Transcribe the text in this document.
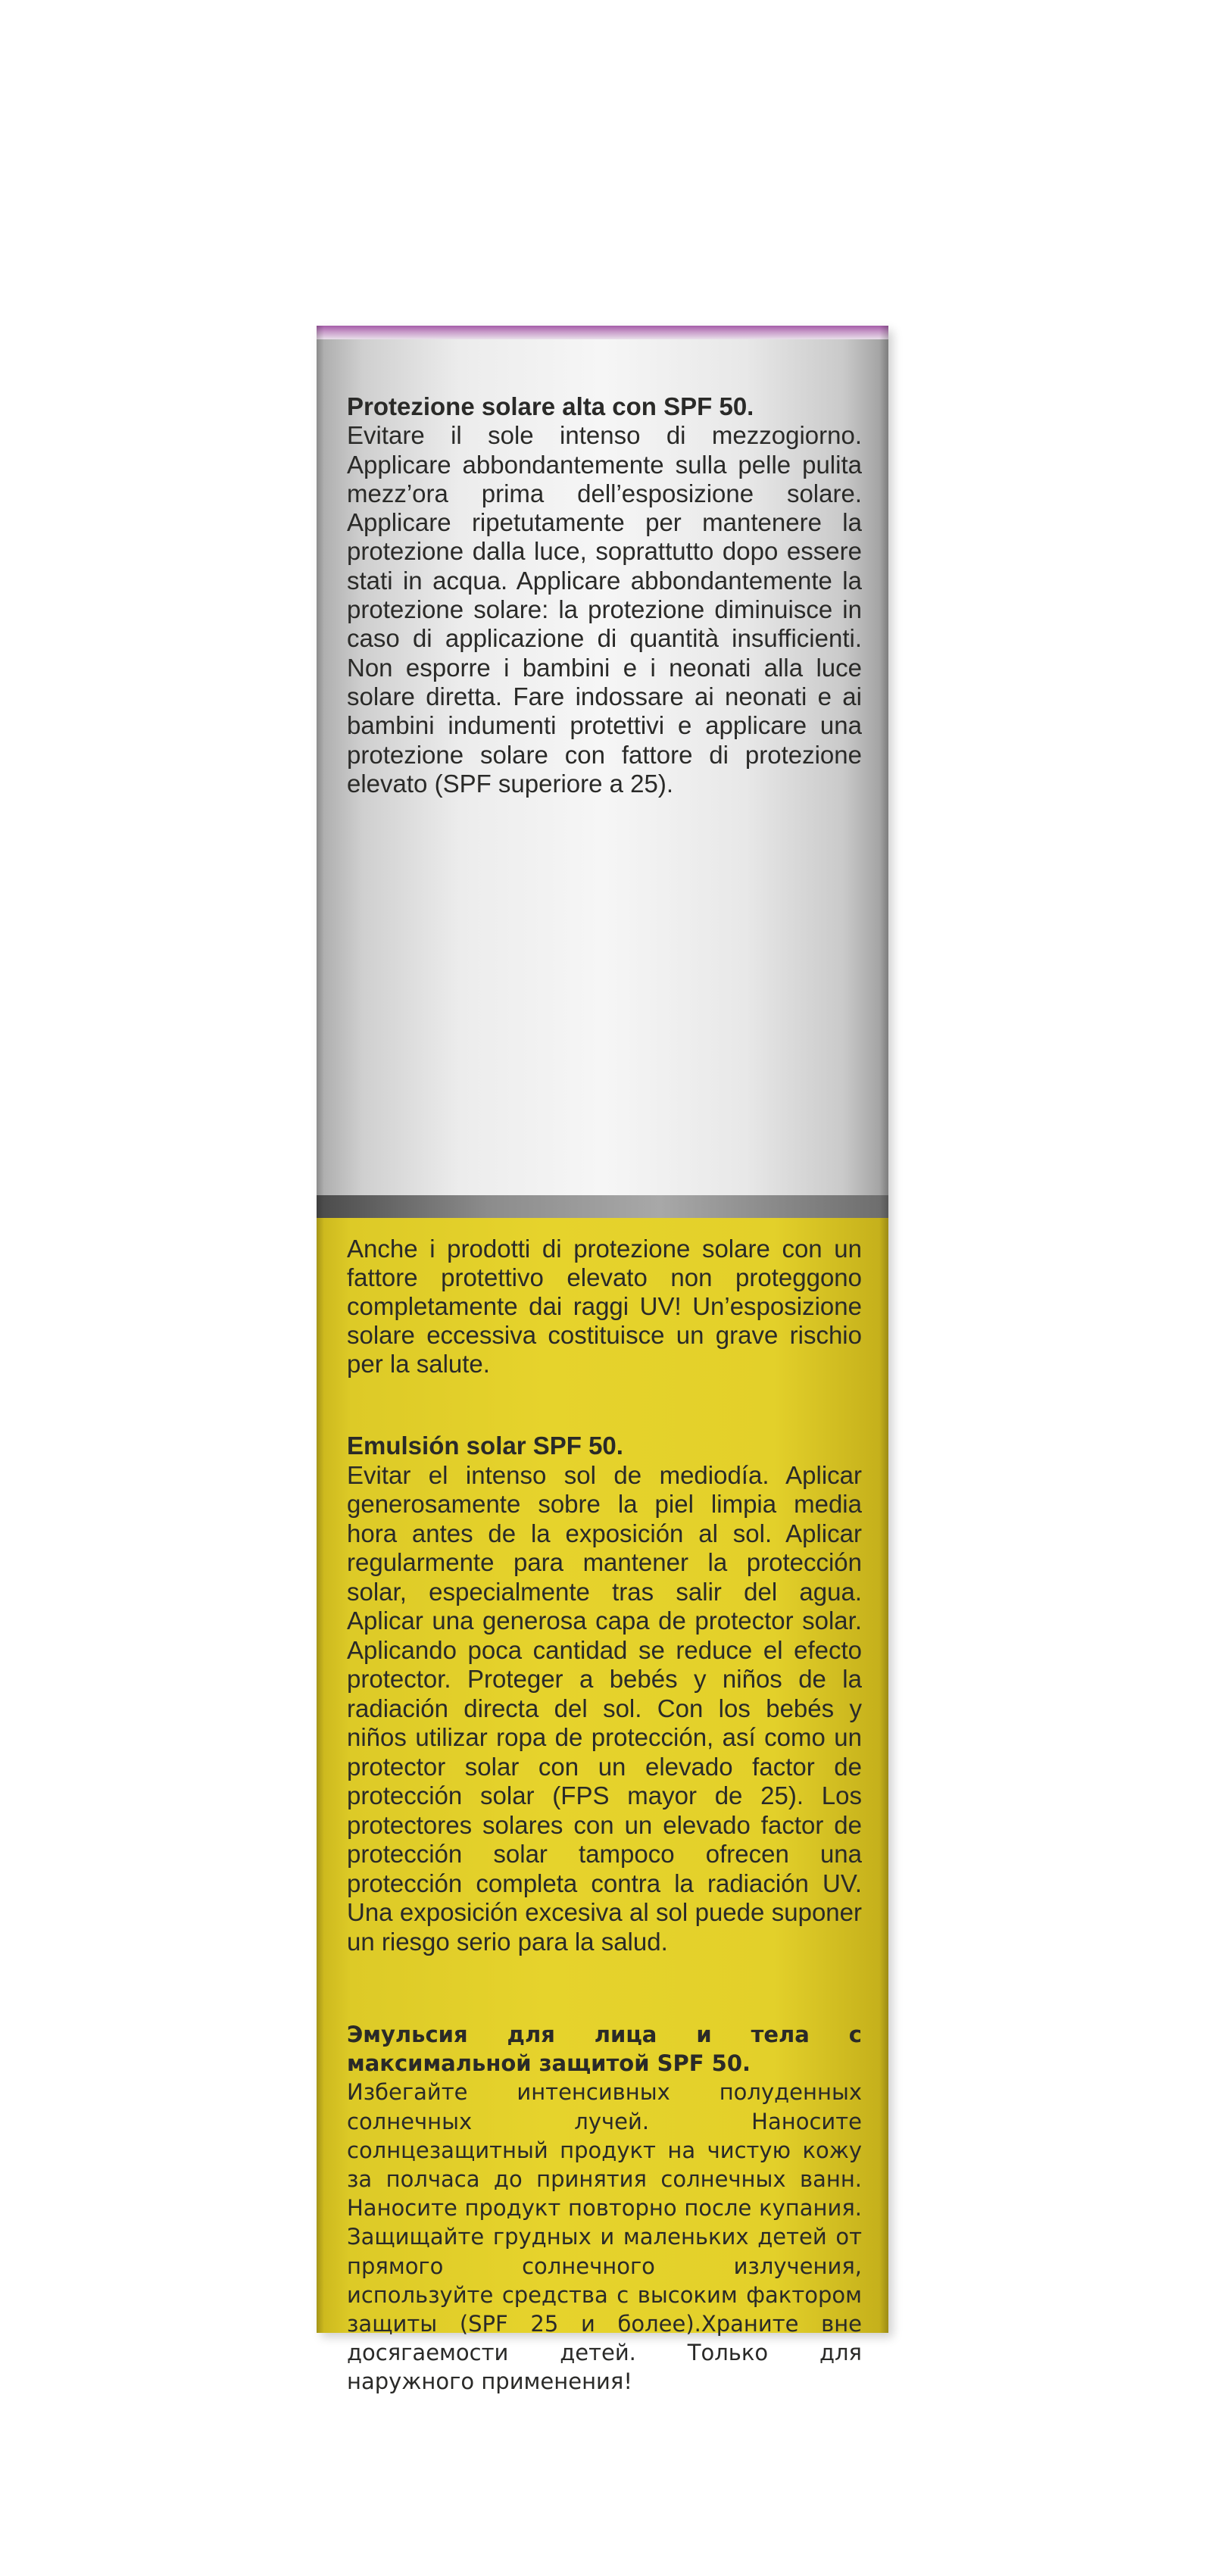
Protezione solare alta con SPF 50.
Evitare il sole intenso di mezzogiorno. Applicare abbondantemente sulla pelle pulita mezz’ora prima dell’esposizione solare. Applicare ripetutamente per mantenere la protezione dalla luce, soprattutto dopo essere stati in acqua. Applicare abbondantemente la protezione solare: la protezione diminuisce in caso di applicazione di quantità insufficienti. Non esporre i bambini e i neonati alla luce solare diretta. Fare indossare ai neonati e ai bambini indumenti protettivi e applicare una protezione solare con fattore di protezione elevato (SPF superiore a 25).
Anche i prodotti di protezione solare con un fattore protettivo elevato non proteggono completamente dai raggi UV! Un’esposizione solare eccessiva costituisce un grave rischio per la salute.
Emulsión solar SPF 50.
Evitar el intenso sol de mediodía. Aplicar generosamente sobre la piel limpia media hora antes de la exposición al sol. Aplicar regularmente para mantener la protección solar, especialmente tras salir del agua. Aplicar una generosa capa de protector solar. Aplicando poca cantidad se reduce el efecto protector. Proteger a bebés y niños de la radiación directa del sol. Con los bebés y niños utilizar ropa de protección, así como un protector solar con un elevado factor de protección solar (FPS mayor de 25). Los protectores solares con un elevado factor de protección solar tampoco ofrecen una protección completa contra la radiación UV. Una exposición excesiva al sol puede suponer un riesgo serio para la salud.
Эмульсия для лица и тела с максимальной защитой SPF 50.
Избегайте интенсивных полуденных солнечных лучей. Наносите солнцезащитный продукт на чистую кожу за полчаса до принятия солнечных ванн. Наносите продукт повторно после купания. Защищайте грудных и маленьких детей от прямого солнечного излучения, используйте средства с высоким фактором защиты (SPF 25 и более).Храните вне досягаемости детей. Только для наружного применения!
